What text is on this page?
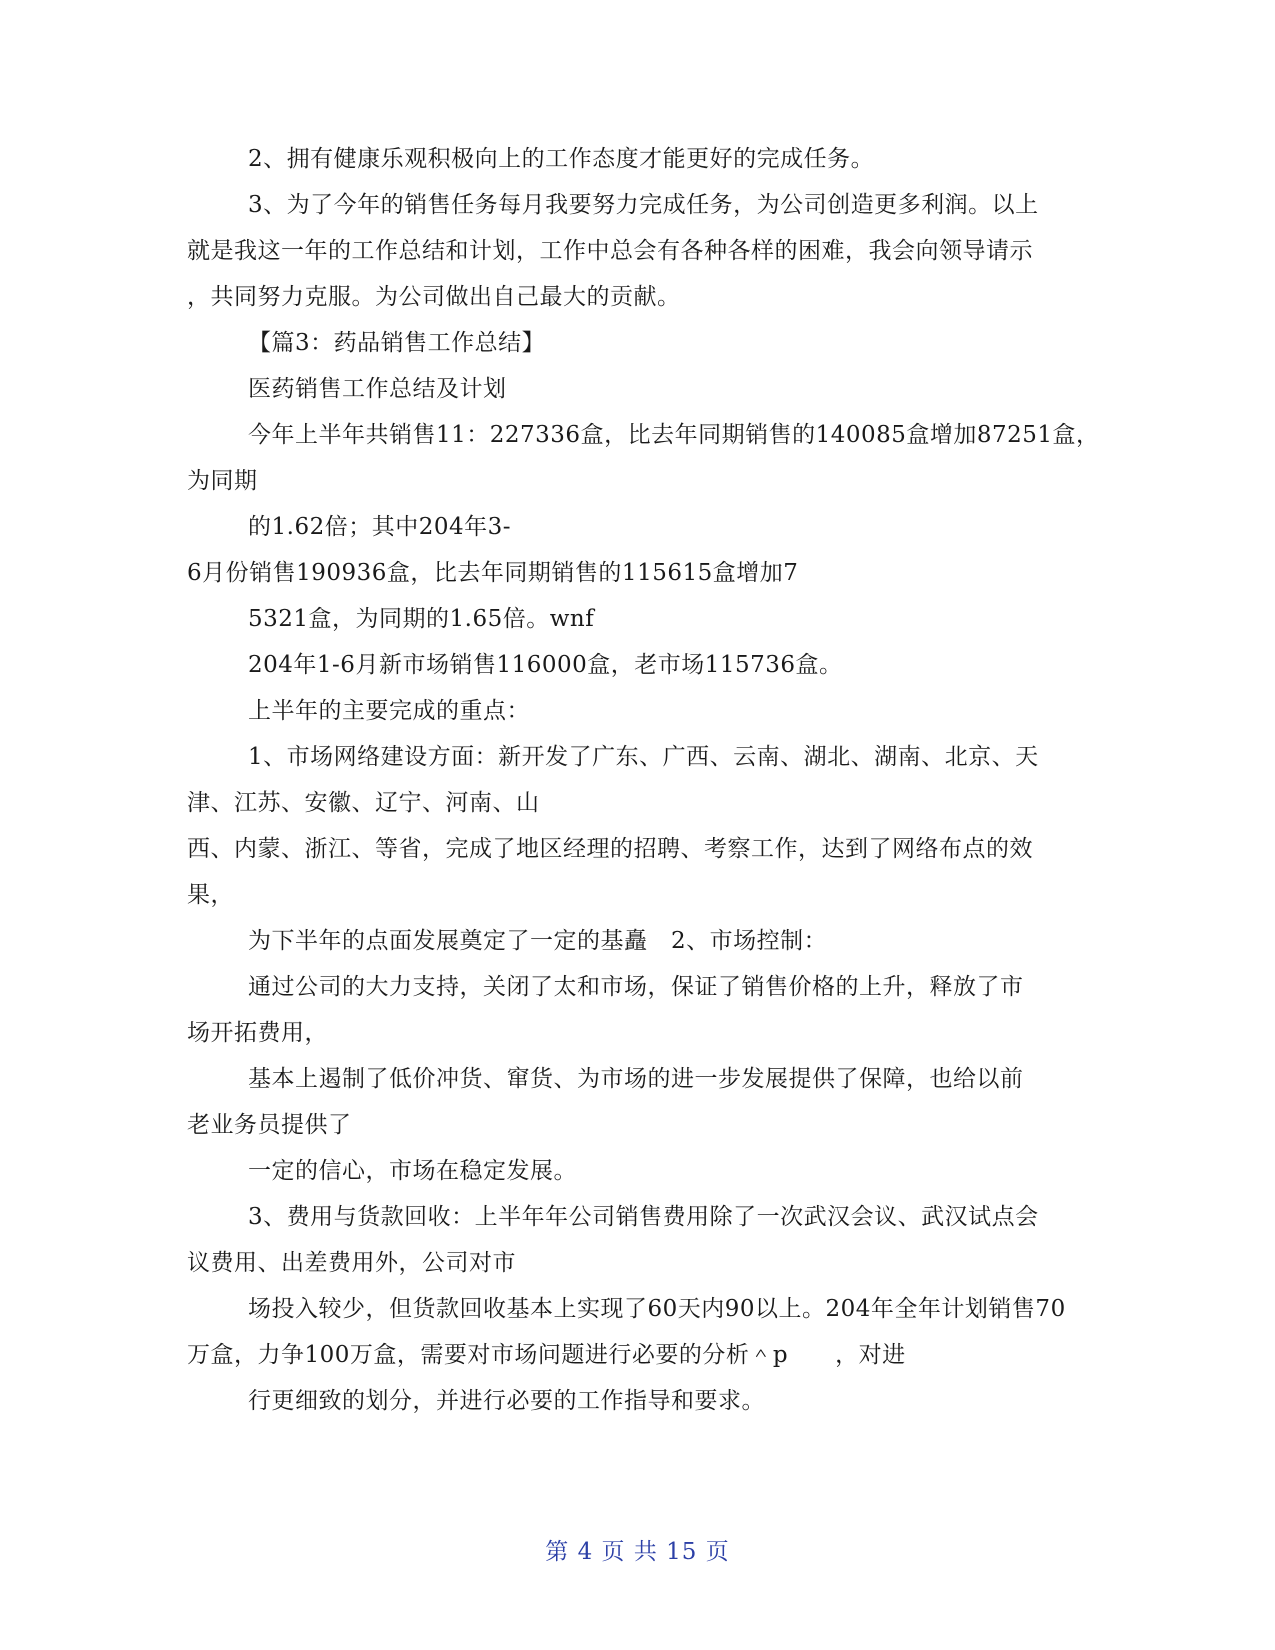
2、拥有健康乐观积极向上的工作态度才能更好的完成任务。
3、为了今年的销售任务每月我要努力完成任务，为公司创造更多利润。以上
就是我这一年的工作总结和计划，工作中总会有各种各样的困难，我会向领导请示
，共同努力克服。为公司做出自己最大的贡献。
【篇3：药品销售工作总结】
医药销售工作总结及计划
今年上半年共销售11：227336盒，比去年同期销售的140085盒增加87251盒，
为同期
的1.62倍；其中204年3-
6月份销售190936盒，比去年同期销售的115615盒增加7
5321盒，为同期的1.65倍。wnf
204年1-6月新市场销售116000盒，老市场115736盒。
上半年的主要完成的重点：
1、市场网络建设方面：新开发了广东、广西、云南、湖北、湖南、北京、天
津、江苏、安徽、辽宁、河南、山
西、内蒙、浙江、等省，完成了地区经理的招聘、考察工作，达到了网络布点的效
果，
为下半年的点面发展奠定了一定的基矗　2、市场控制：
通过公司的大力支持，关闭了太和市场，保证了销售价格的上升，释放了市
场开拓费用，
基本上遏制了低价冲货、窜货、为市场的进一步发展提供了保障，也给以前
老业务员提供了
一定的信心，市场在稳定发展。
3、费用与货款回收：上半年年公司销售费用除了一次武汉会议、武汉试点会
议费用、出差费用外，公司对市
场投入较少，但货款回收基本上实现了60天内90以上。204年全年计划销售70
万盒，力争100万盒，需要对市场问题进行必要的分析＾p　　，对进
行更细致的划分，并进行必要的工作指导和要求。
第 4 页 共 15 页
